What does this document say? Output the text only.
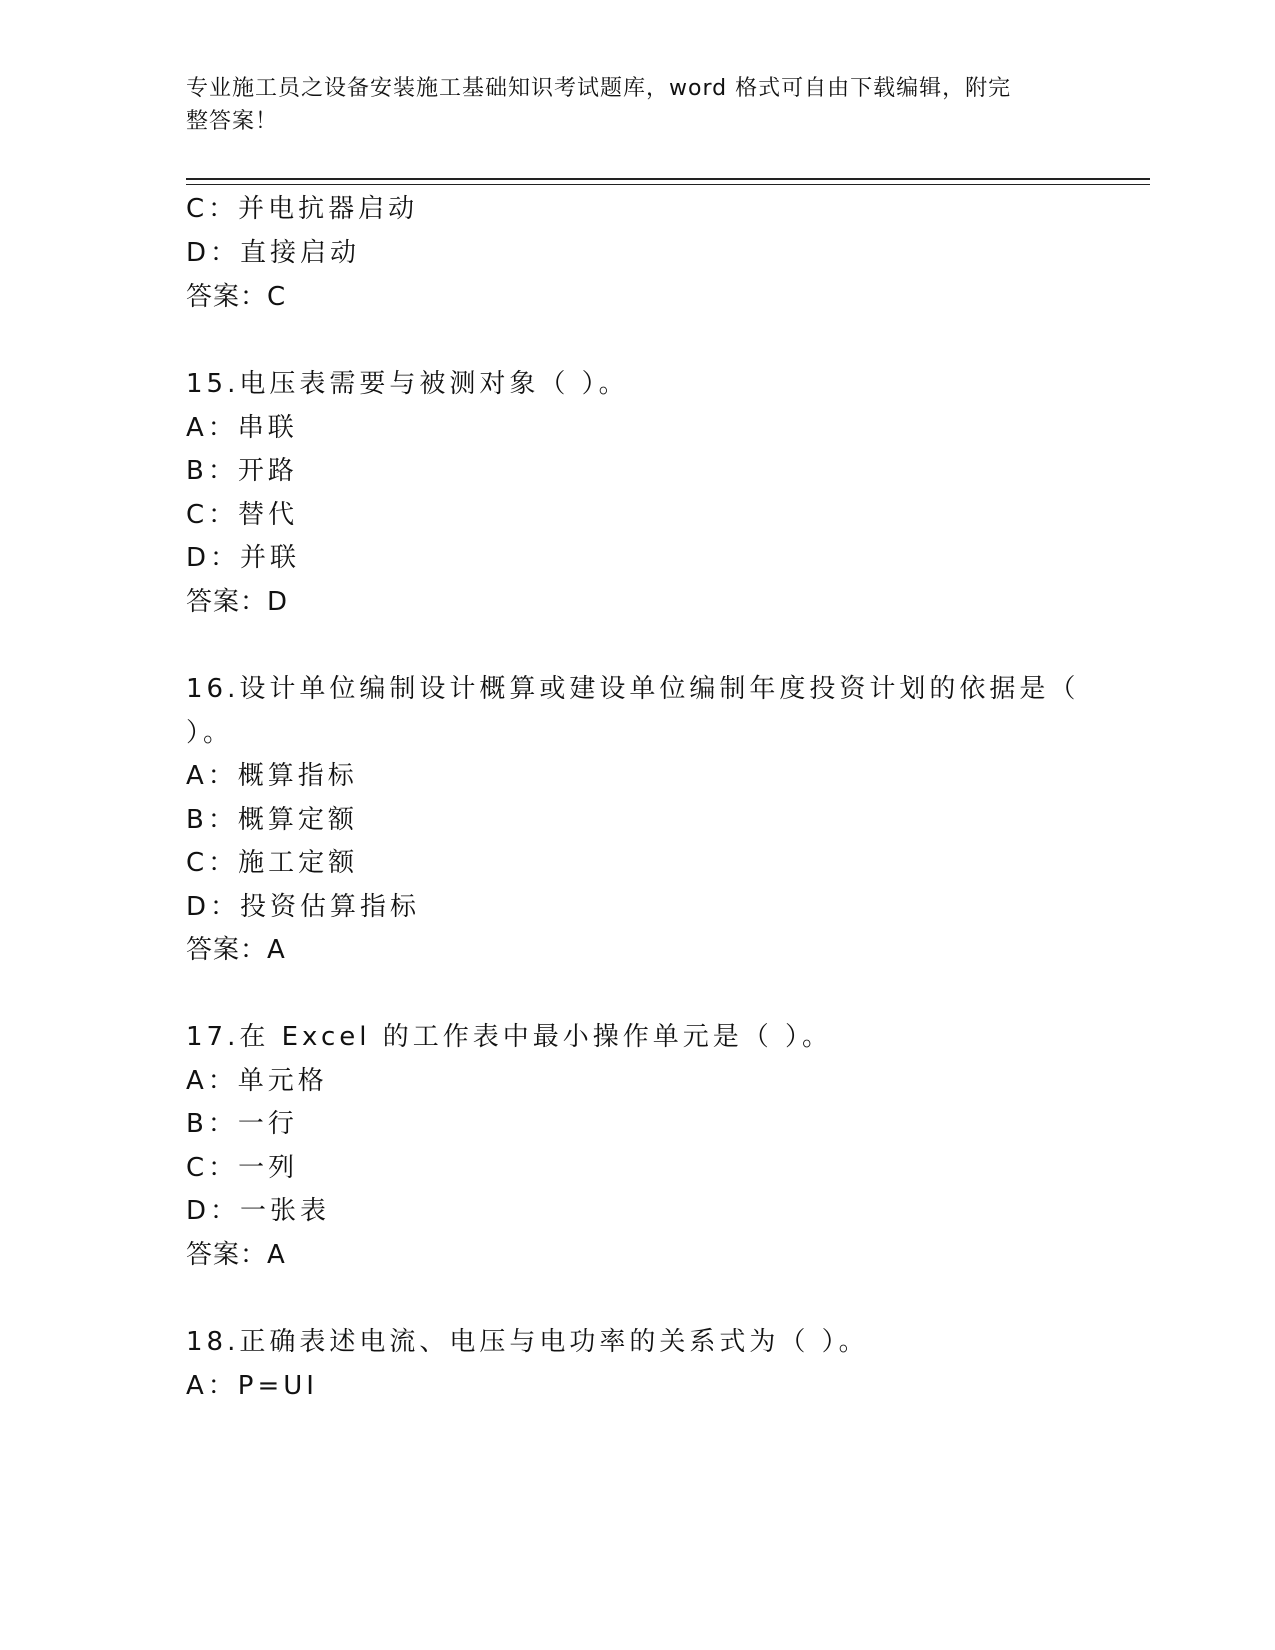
专业施工员之设备安装施工基础知识考试题库，word 格式可自由下载编辑，附完
整答案！
C：并电抗器启动
D：直接启动
答案：C
15.电压表需要与被测对象（ ）。
A：串联
B：开路
C：替代
D：并联
答案：D
16.设计单位编制设计概算或建设单位编制年度投资计划的依据是（
）。
A：概算指标
B：概算定额
C：施工定额
D：投资估算指标
答案：A
17.在 Excel 的工作表中最小操作单元是（ ）。
A：单元格
B：一行
C：一列
D：一张表
答案：A
18.正确表述电流、电压与电功率的关系式为（ ）。
A：P=UI
